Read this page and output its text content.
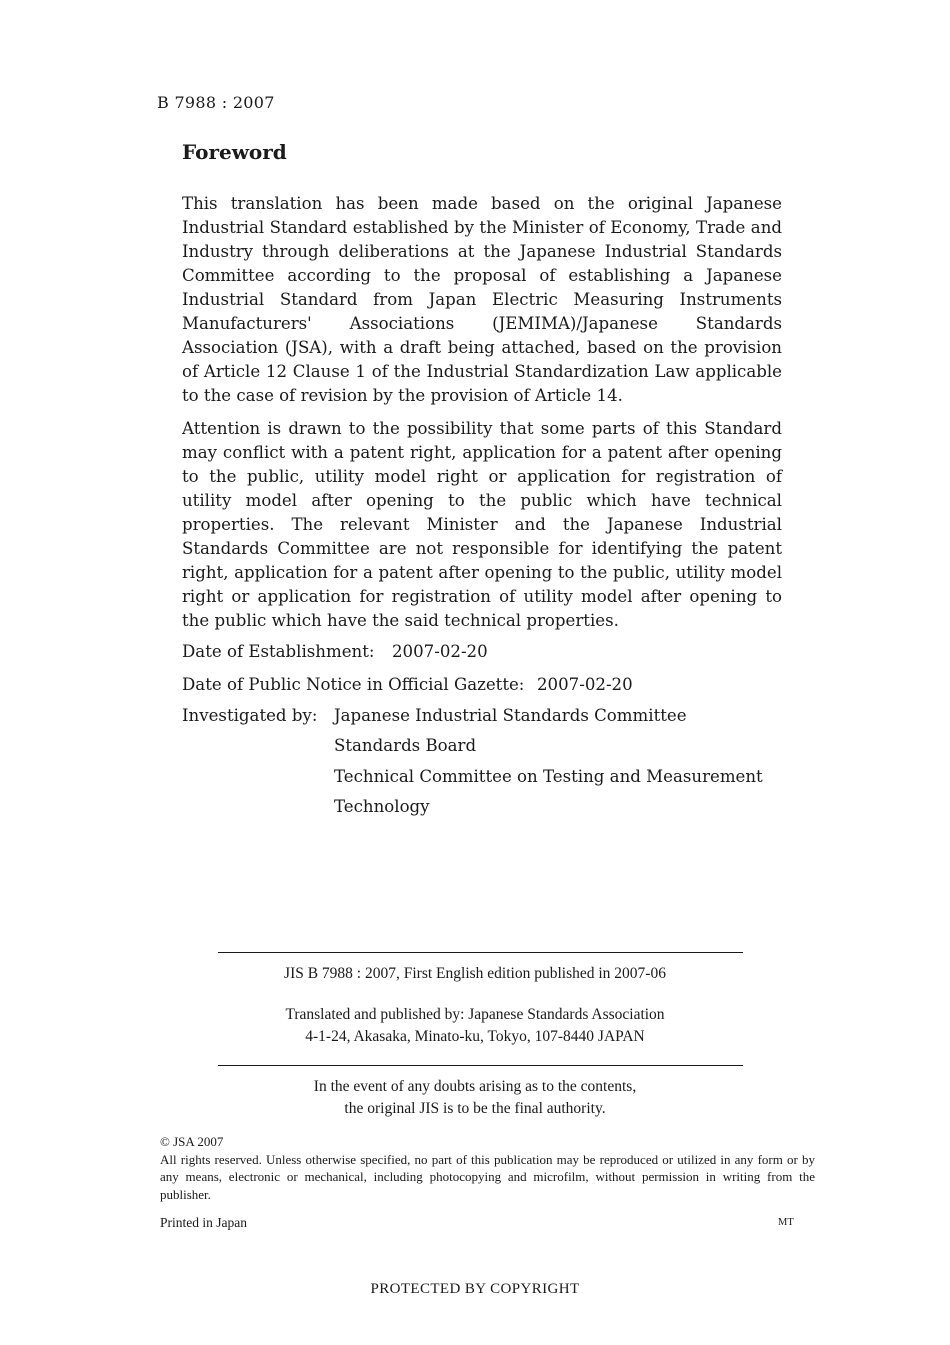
B 7988 : 2007
Foreword

This translation has been made based on the original Japanese Industrial Standard established by the Minister of Economy, Trade and Industry through deliberations at the Japanese Industrial Standards Committee according to the proposal of establishing a Japanese Industrial Standard from Japan Electric Measuring Instruments Manufacturers' Associations (JEMIMA)/Japanese Standards Association (JSA), with a draft being attached, based on the provision of Article 12 Clause 1 of the Industrial Standardization Law applicable to the case of revision by the provision of Article 14.

Attention is drawn to the possibility that some parts of this Standard may conflict with a patent right, application for a patent after opening to the public, utility model right or application for registration of utility model after opening to the public which have technical properties. The relevant Minister and the Japanese Industrial Standards Committee are not responsible for identifying the patent right, application for a patent after opening to the public, utility model right or application for registration of utility model after opening to the public which have the said technical properties.

Date of Establishment: 2007-02-20
Date of Public Notice in Official Gazette: 2007-02-20
Investigated by: Japanese Industrial Standards Committee
Standards Board
Technical Committee on Testing and Measurement
Technology
JIS B 7988 : 2007, First English edition published in 2007-06
Translated and published by: Japanese Standards Association
4-1-24, Akasaka, Minato-ku, Tokyo, 107-8440 JAPAN
In the event of any doubts arising as to the contents,
the original JIS is to be the final authority.
© JSA 2007

All rights reserved. Unless otherwise specified, no part of this publication may be reproduced or utilized in any form or by any means, electronic or mechanical, including photocopying and microfilm, without permission in writing from the publisher.

Printed in Japan	MT
PROTECTED BY COPYRIGHT
